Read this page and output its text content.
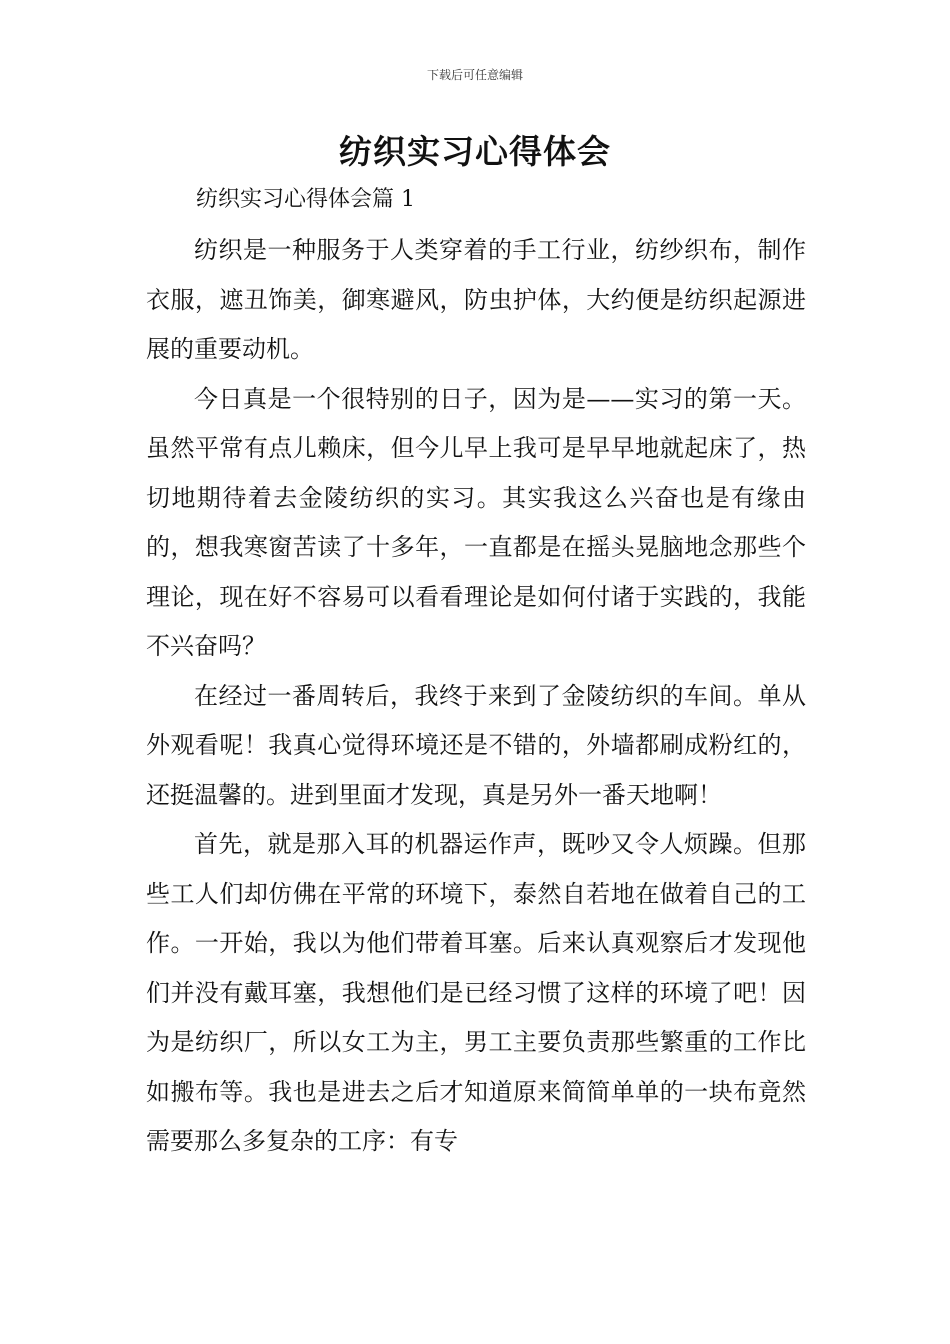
下载后可任意编辑
纺织实习心得体会

纺织实习心得体会篇 1

纺织是一种服务于人类穿着的手工行业，纺纱织布，制作衣服，遮丑饰美，御寒避风，防虫护体，大约便是纺织起源进展的重要动机。

今日真是一个很特别的日子，因为是——实习的第一天。虽然平常有点儿赖床，但今儿早上我可是早早地就起床了，热切地期待着去金陵纺织的实习。其实我这么兴奋也是有缘由的，想我寒窗苦读了十多年，一直都是在摇头晃脑地念那些个理论，现在好不容易可以看看理论是如何付诸于实践的，我能不兴奋吗？

在经过一番周转后，我终于来到了金陵纺织的车间。单从外观看呢！我真心觉得环境还是不错的，外墙都刷成粉红的，还挺温馨的。进到里面才发现，真是另外一番天地啊！

首先，就是那入耳的机器运作声，既吵又令人烦躁。但那些工人们却仿佛在平常的环境下，泰然自若地在做着自己的工作。一开始，我以为他们带着耳塞。后来认真观察后才发现他们并没有戴耳塞，我想他们是已经习惯了这样的环境了吧！因为是纺织厂，所以女工为主，男工主要负责那些繁重的工作比如搬布等。我也是进去之后才知道原来简简单单的一块布竟然需要那么多复杂的工序：有专
